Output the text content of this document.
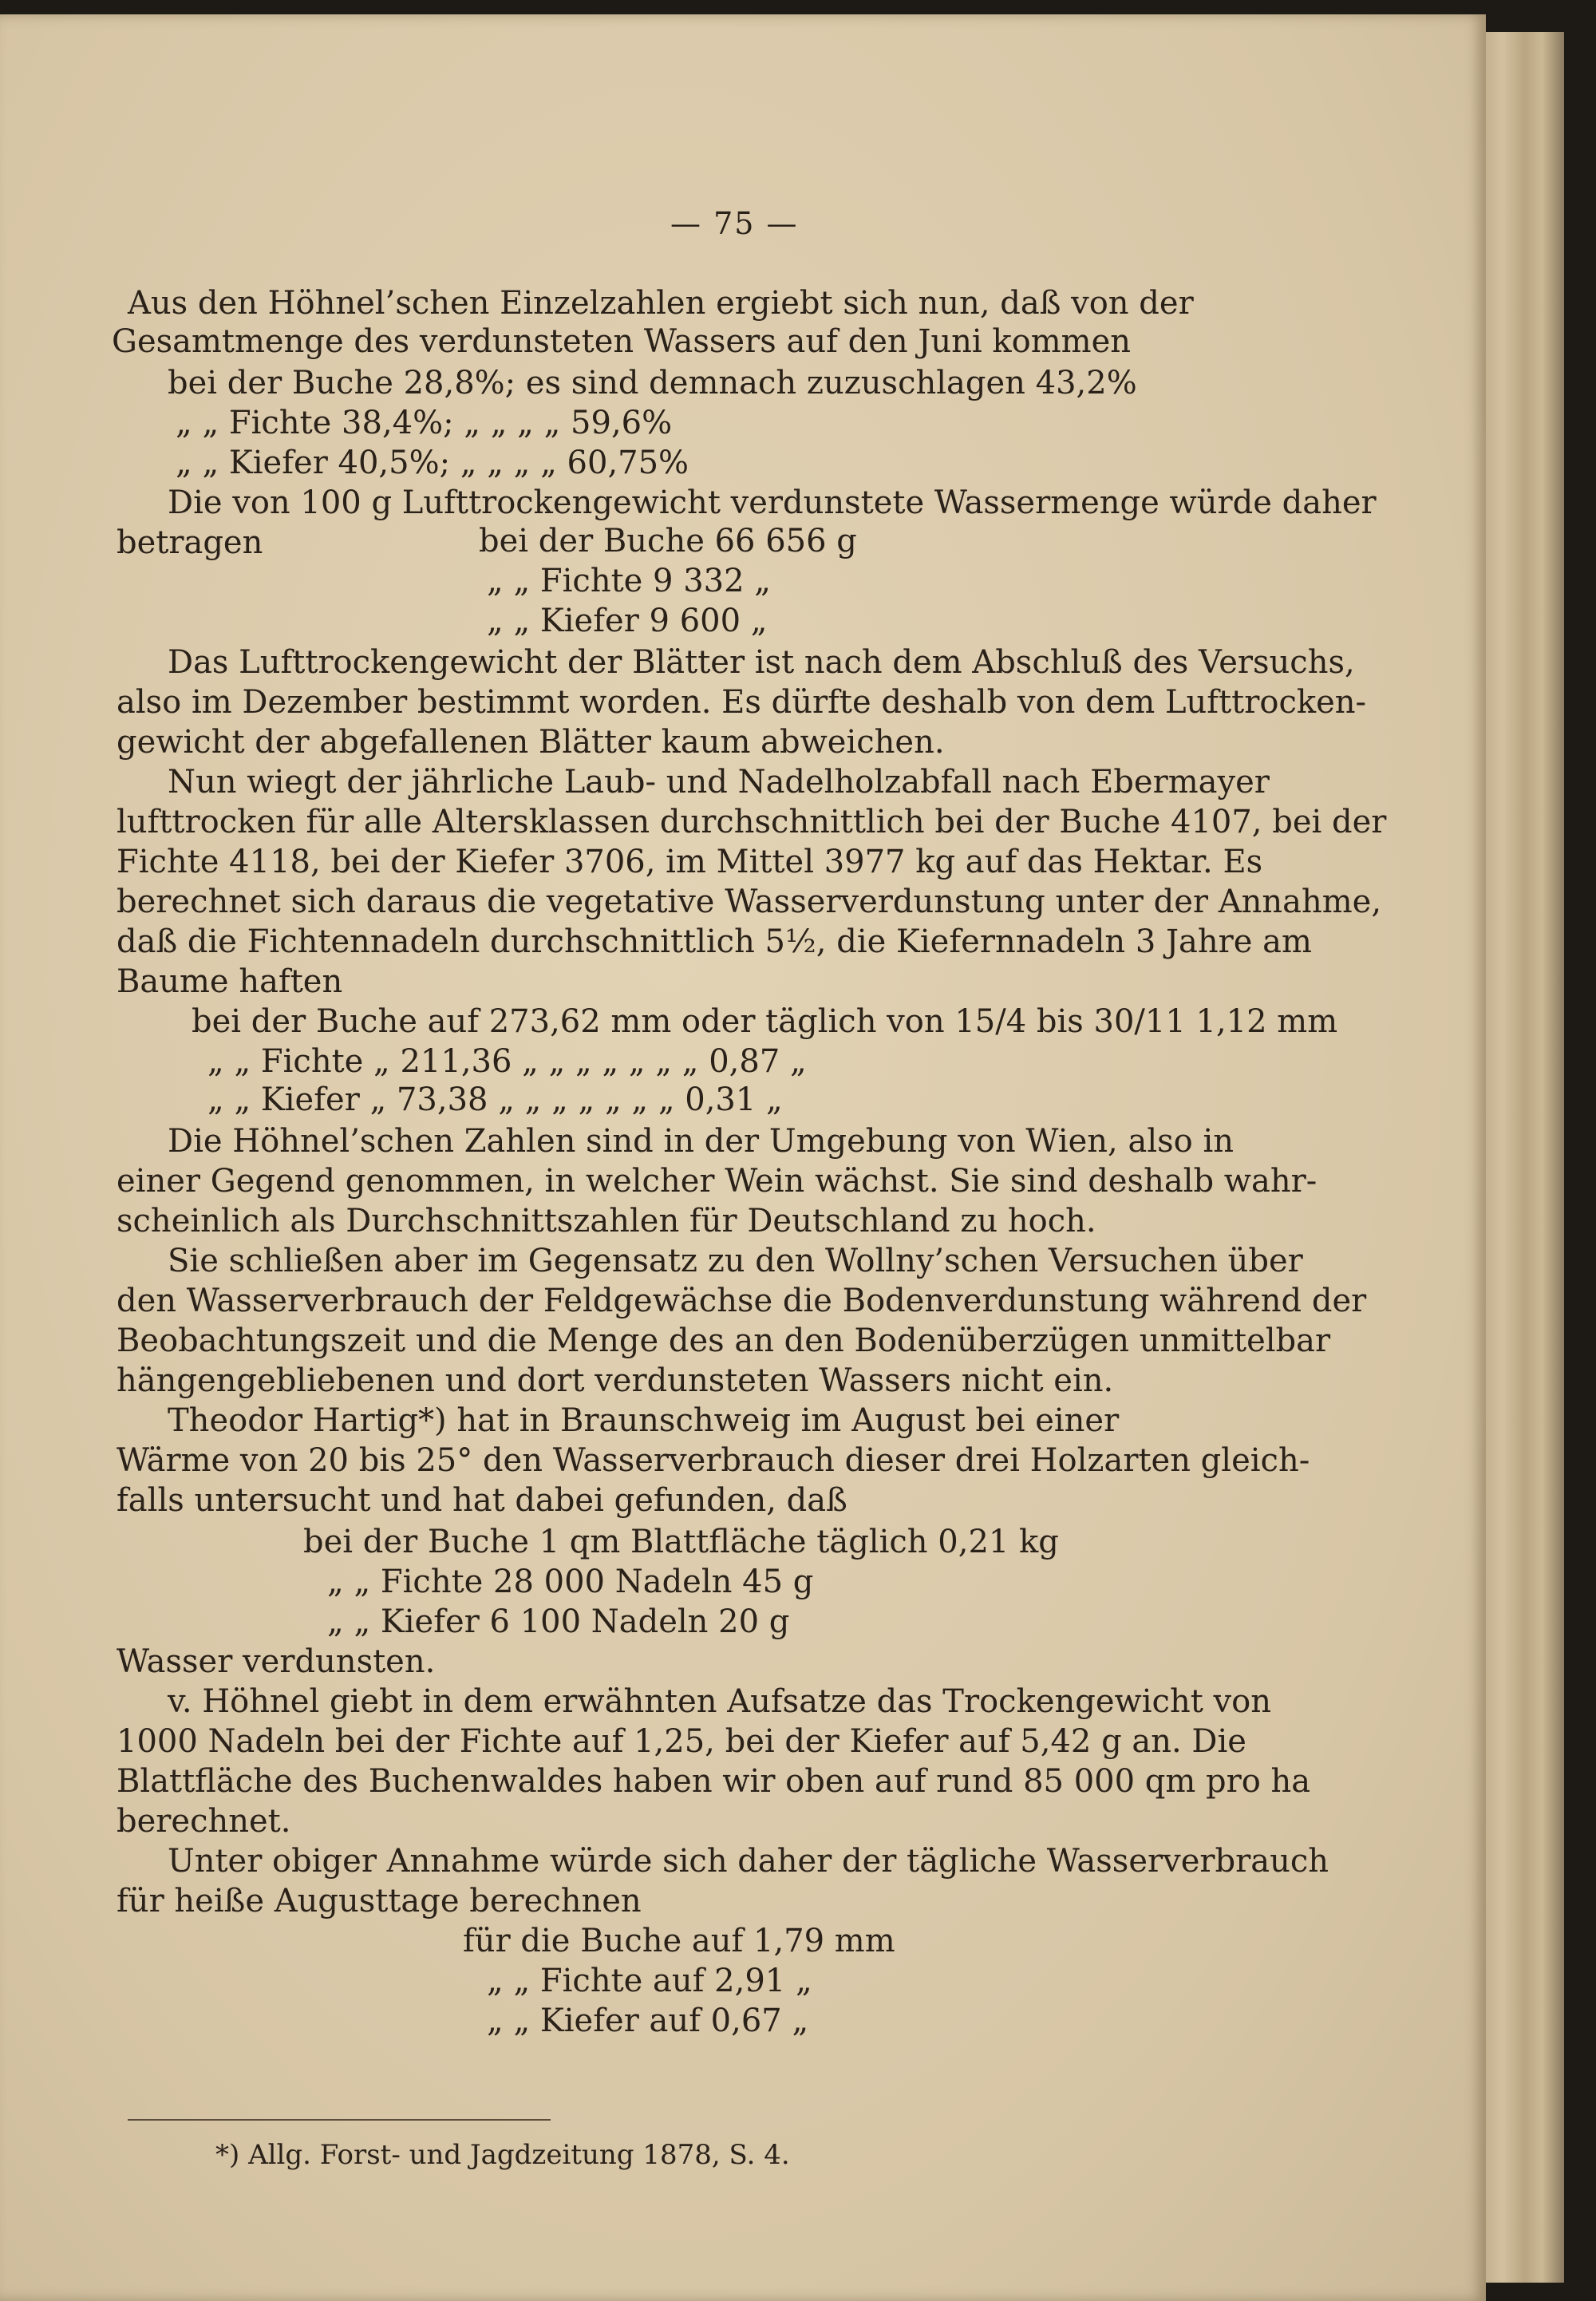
— 75 —
Aus den Höhnel’schen Einzelzahlen ergiebt sich nun, daß von der
Gesamtmenge des verdunsteten Wassers auf den Juni kommen
bei der Buche 28,8%; es sind demnach zuzuschlagen 43,2%
„ „ Fichte 38,4%; „ „ „ „ 59,6%
„ „ Kiefer 40,5%; „ „ „ „ 60,75%
Die von 100 g Lufttrockengewicht verdunstete Wassermenge würde daher
betragen	bei der Buche 66 656 g
„ „ Fichte 9 332 „
„ „ Kiefer 9 600 „
Das Lufttrockengewicht der Blätter ist nach dem Abschluß des Versuchs,
also im Dezember bestimmt worden. Es dürfte deshalb von dem Lufttrocken-
gewicht der abgefallenen Blätter kaum abweichen.
Nun wiegt der jährliche Laub- und Nadelholzabfall nach Ebermayer
lufttrocken für alle Altersklassen durchschnittlich bei der Buche 4107, bei der
Fichte 4118, bei der Kiefer 3706, im Mittel 3977 kg auf das Hektar. Es
berechnet sich daraus die vegetative Wasserverdunstung unter der Annahme,
daß die Fichtennadeln durchschnittlich 5½, die Kiefernnadeln 3 Jahre am
Baume haften
bei der Buche auf 273,62 mm oder täglich von 15/4 bis 30/11 1,12 mm
„ „ Fichte „ 211,36 „ „ „ „ „ „ „ 0,87 „
„ „ Kiefer „ 73,38 „ „ „ „ „ „ „ 0,31 „
Die Höhnel’schen Zahlen sind in der Umgebung von Wien, also in
einer Gegend genommen, in welcher Wein wächst. Sie sind deshalb wahr-
scheinlich als Durchschnittszahlen für Deutschland zu hoch.
Sie schließen aber im Gegensatz zu den Wollny’schen Versuchen über
den Wasserverbrauch der Feldgewächse die Bodenverdunstung während der
Beobachtungszeit und die Menge des an den Bodenüberzügen unmittelbar
hängengebliebenen und dort verdunsteten Wassers nicht ein.
Theodor Hartig*) hat in Braunschweig im August bei einer
Wärme von 20 bis 25° den Wasserverbrauch dieser drei Holzarten gleich-
falls untersucht und hat dabei gefunden, daß
bei der Buche 1 qm Blattfläche täglich 0,21 kg
„ „ Fichte 28 000 Nadeln 45 g
„ „ Kiefer 6 100 Nadeln 20 g
Wasser verdunsten.
v. Höhnel giebt in dem erwähnten Aufsatze das Trockengewicht von
1000 Nadeln bei der Fichte auf 1,25, bei der Kiefer auf 5,42 g an. Die
Blattfläche des Buchenwaldes haben wir oben auf rund 85 000 qm pro ha
berechnet.
Unter obiger Annahme würde sich daher der tägliche Wasserverbrauch
für heiße Augusttage berechnen
für die Buche auf 1,79 mm
„ „ Fichte auf 2,91 „
„ „ Kiefer auf 0,67 „
*) Allg. Forst- und Jagdzeitung 1878, S. 4.
